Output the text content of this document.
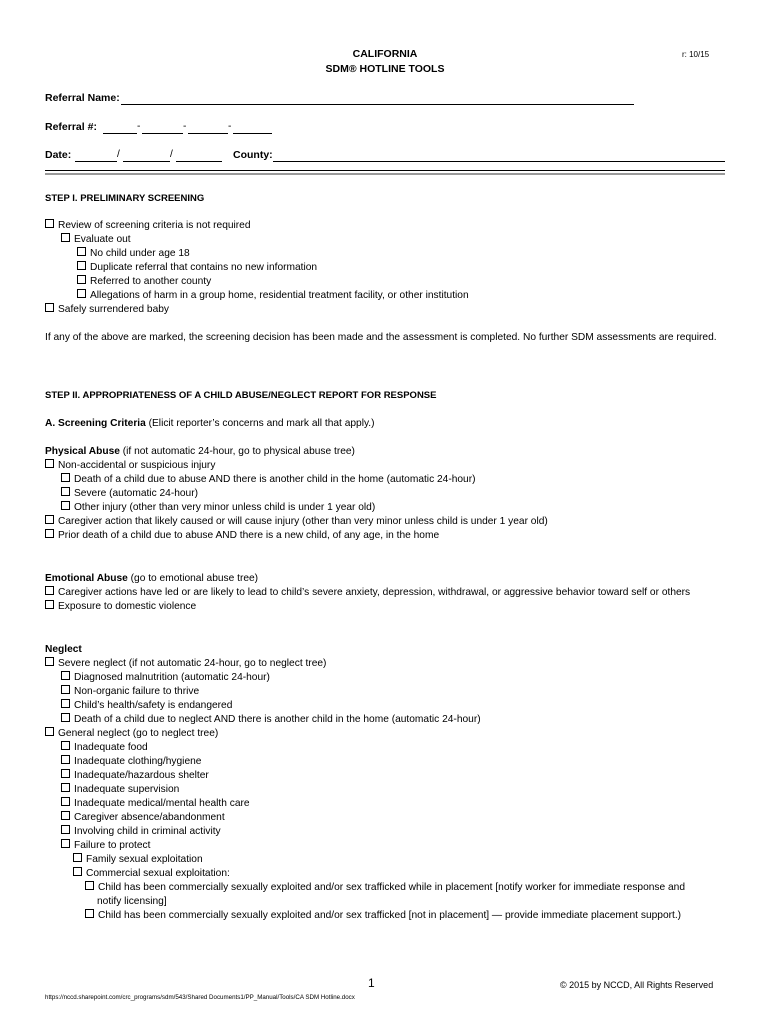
CALIFORNIA
SDM® HOTLINE TOOLS
r: 10/15
Referral Name:
Referral #:	-	-	-
Date:	/	/	County:
STEP I. PRELIMINARY SCREENING
Review of screening criteria is not required
Evaluate out
No child under age 18
Duplicate referral that contains no new information
Referred to another county
Allegations of harm in a group home, residential treatment facility, or other institution
Safely surrendered baby
If any of the above are marked, the screening decision has been made and the assessment is completed. No further SDM assessments are required.
STEP II. APPROPRIATENESS OF A CHILD ABUSE/NEGLECT REPORT FOR RESPONSE
A. Screening Criteria (Elicit reporter’s concerns and mark all that apply.)
Physical Abuse (if not automatic 24-hour, go to physical abuse tree)
Non-accidental or suspicious injury
Death of a child due to abuse AND there is another child in the home (automatic 24-hour)
Severe (automatic 24-hour)
Other injury (other than very minor unless child is under 1 year old)
Caregiver action that likely caused or will cause injury (other than very minor unless child is under 1 year old)
Prior death of a child due to abuse AND there is a new child, of any age, in the home
Emotional Abuse (go to emotional abuse tree)
Caregiver actions have led or are likely to lead to child’s severe anxiety, depression, withdrawal, or aggressive behavior toward self or others
Exposure to domestic violence
Neglect
Severe neglect (if not automatic 24-hour, go to neglect tree)
Diagnosed malnutrition (automatic 24-hour)
Non-organic failure to thrive
Child’s health/safety is endangered
Death of a child due to neglect AND there is another child in the home (automatic 24-hour)
General neglect (go to neglect tree)
Inadequate food
Inadequate clothing/hygiene
Inadequate/hazardous shelter
Inadequate supervision
Inadequate medical/mental health care
Caregiver absence/abandonment
Involving child in criminal activity
Failure to protect
Family sexual exploitation
Commercial sexual exploitation:
Child has been commercially sexually exploited and/or sex trafficked while in placement [notify worker for immediate response and
notify licensing]
Child has been commercially sexually exploited and/or sex trafficked [not in placement] — provide immediate placement support.)
1	© 2015 by NCCD, All Rights Reserved
https://nccd.sharepoint.com/crc_programs/sdm/543/Shared Documents1/PP_Manual/Tools/CA SDM Hotline.docx
